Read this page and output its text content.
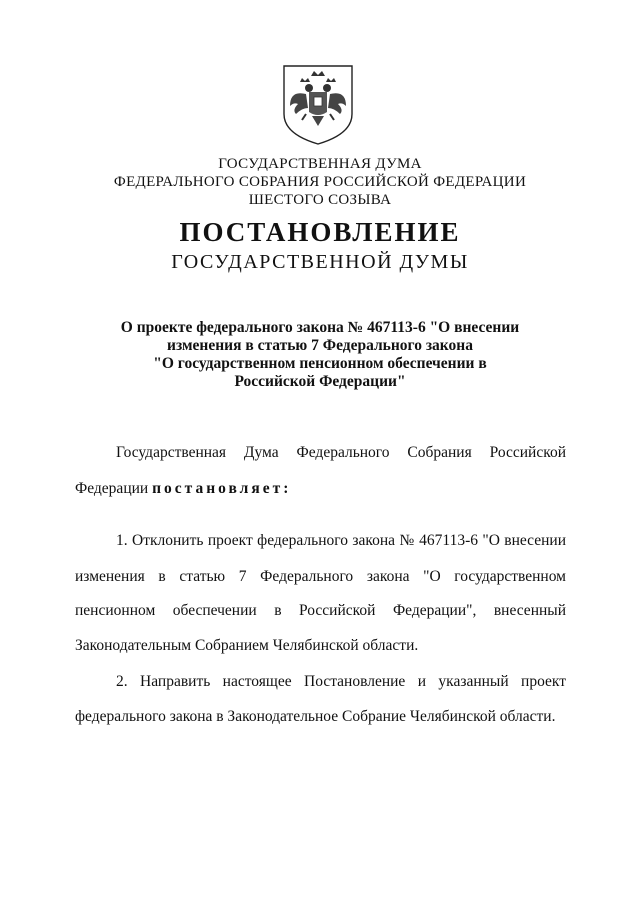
ГОСУДАРСТВЕННАЯ ДУМА
ФЕДЕРАЛЬНОГО СОБРАНИЯ РОССИЙСКОЙ ФЕДЕРАЦИИ
ШЕСТОГО СОЗЫВА
ПОСТАНОВЛЕНИЕ
ГОСУДАРСТВЕННОЙ ДУМЫ
О проекте федерального закона № 467113-6 "О внесении
изменения в статью 7 Федерального закона
"О государственном пенсионном обеспечении в
Российской Федерации"
Государственная Дума Федерального Собрания Российской
Федерации постановляет:
1. Отклонить проект федерального закона № 467113-6 "О внесении
изменения в статью 7 Федерального закона "О государственном
пенсионном обеспечении в Российской Федерации", внесенный
Законодательным Собранием Челябинской области.
2. Направить настоящее Постановление и указанный проект
федерального закона в Законодательное Собрание Челябинской области.
